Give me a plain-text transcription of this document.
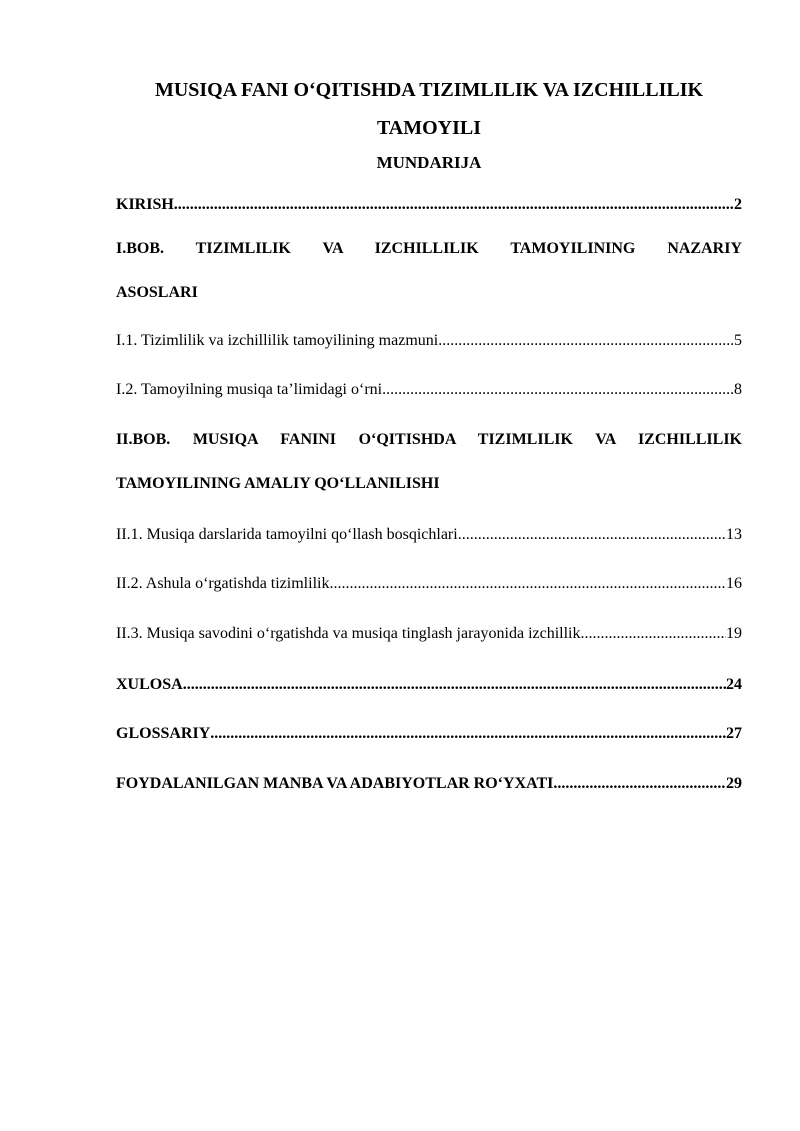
MUSIQA FANI O‘QITISHDA TIZIMLILIK VA IZCHILLILIK
TAMOYILI
MUNDARIJA
KIRISH .....	2
I.BOB. TIZIMLILIK VA IZCHILLILIK TAMOYILINING NAZARIY
ASOSLARI
I.1. Tizimlilik va izchillilik tamoyilining mazmuni .....	5
I.2. Tamoyilning musiqa ta’limidagi o‘rni .....	8
II.BOB. MUSIQA FANINI O‘QITISHDA TIZIMLILIK VA IZCHILLILIK
TAMOYILINING AMALIY QO‘LLANILISHI
II.1. Musiqa darslarida tamoyilni qo‘llash bosqichlari .....	13
II.2. Ashula o‘rgatishda tizimlilik .....	16
II.3. Musiqa savodini o‘rgatishda va musiqa tinglash jarayonida izchillik .....	19
XULOSA .....	24
GLOSSARIY .....	27
FOYDALANILGAN MANBA VA ADABIYOTLAR RO‘YXATI .....	29
